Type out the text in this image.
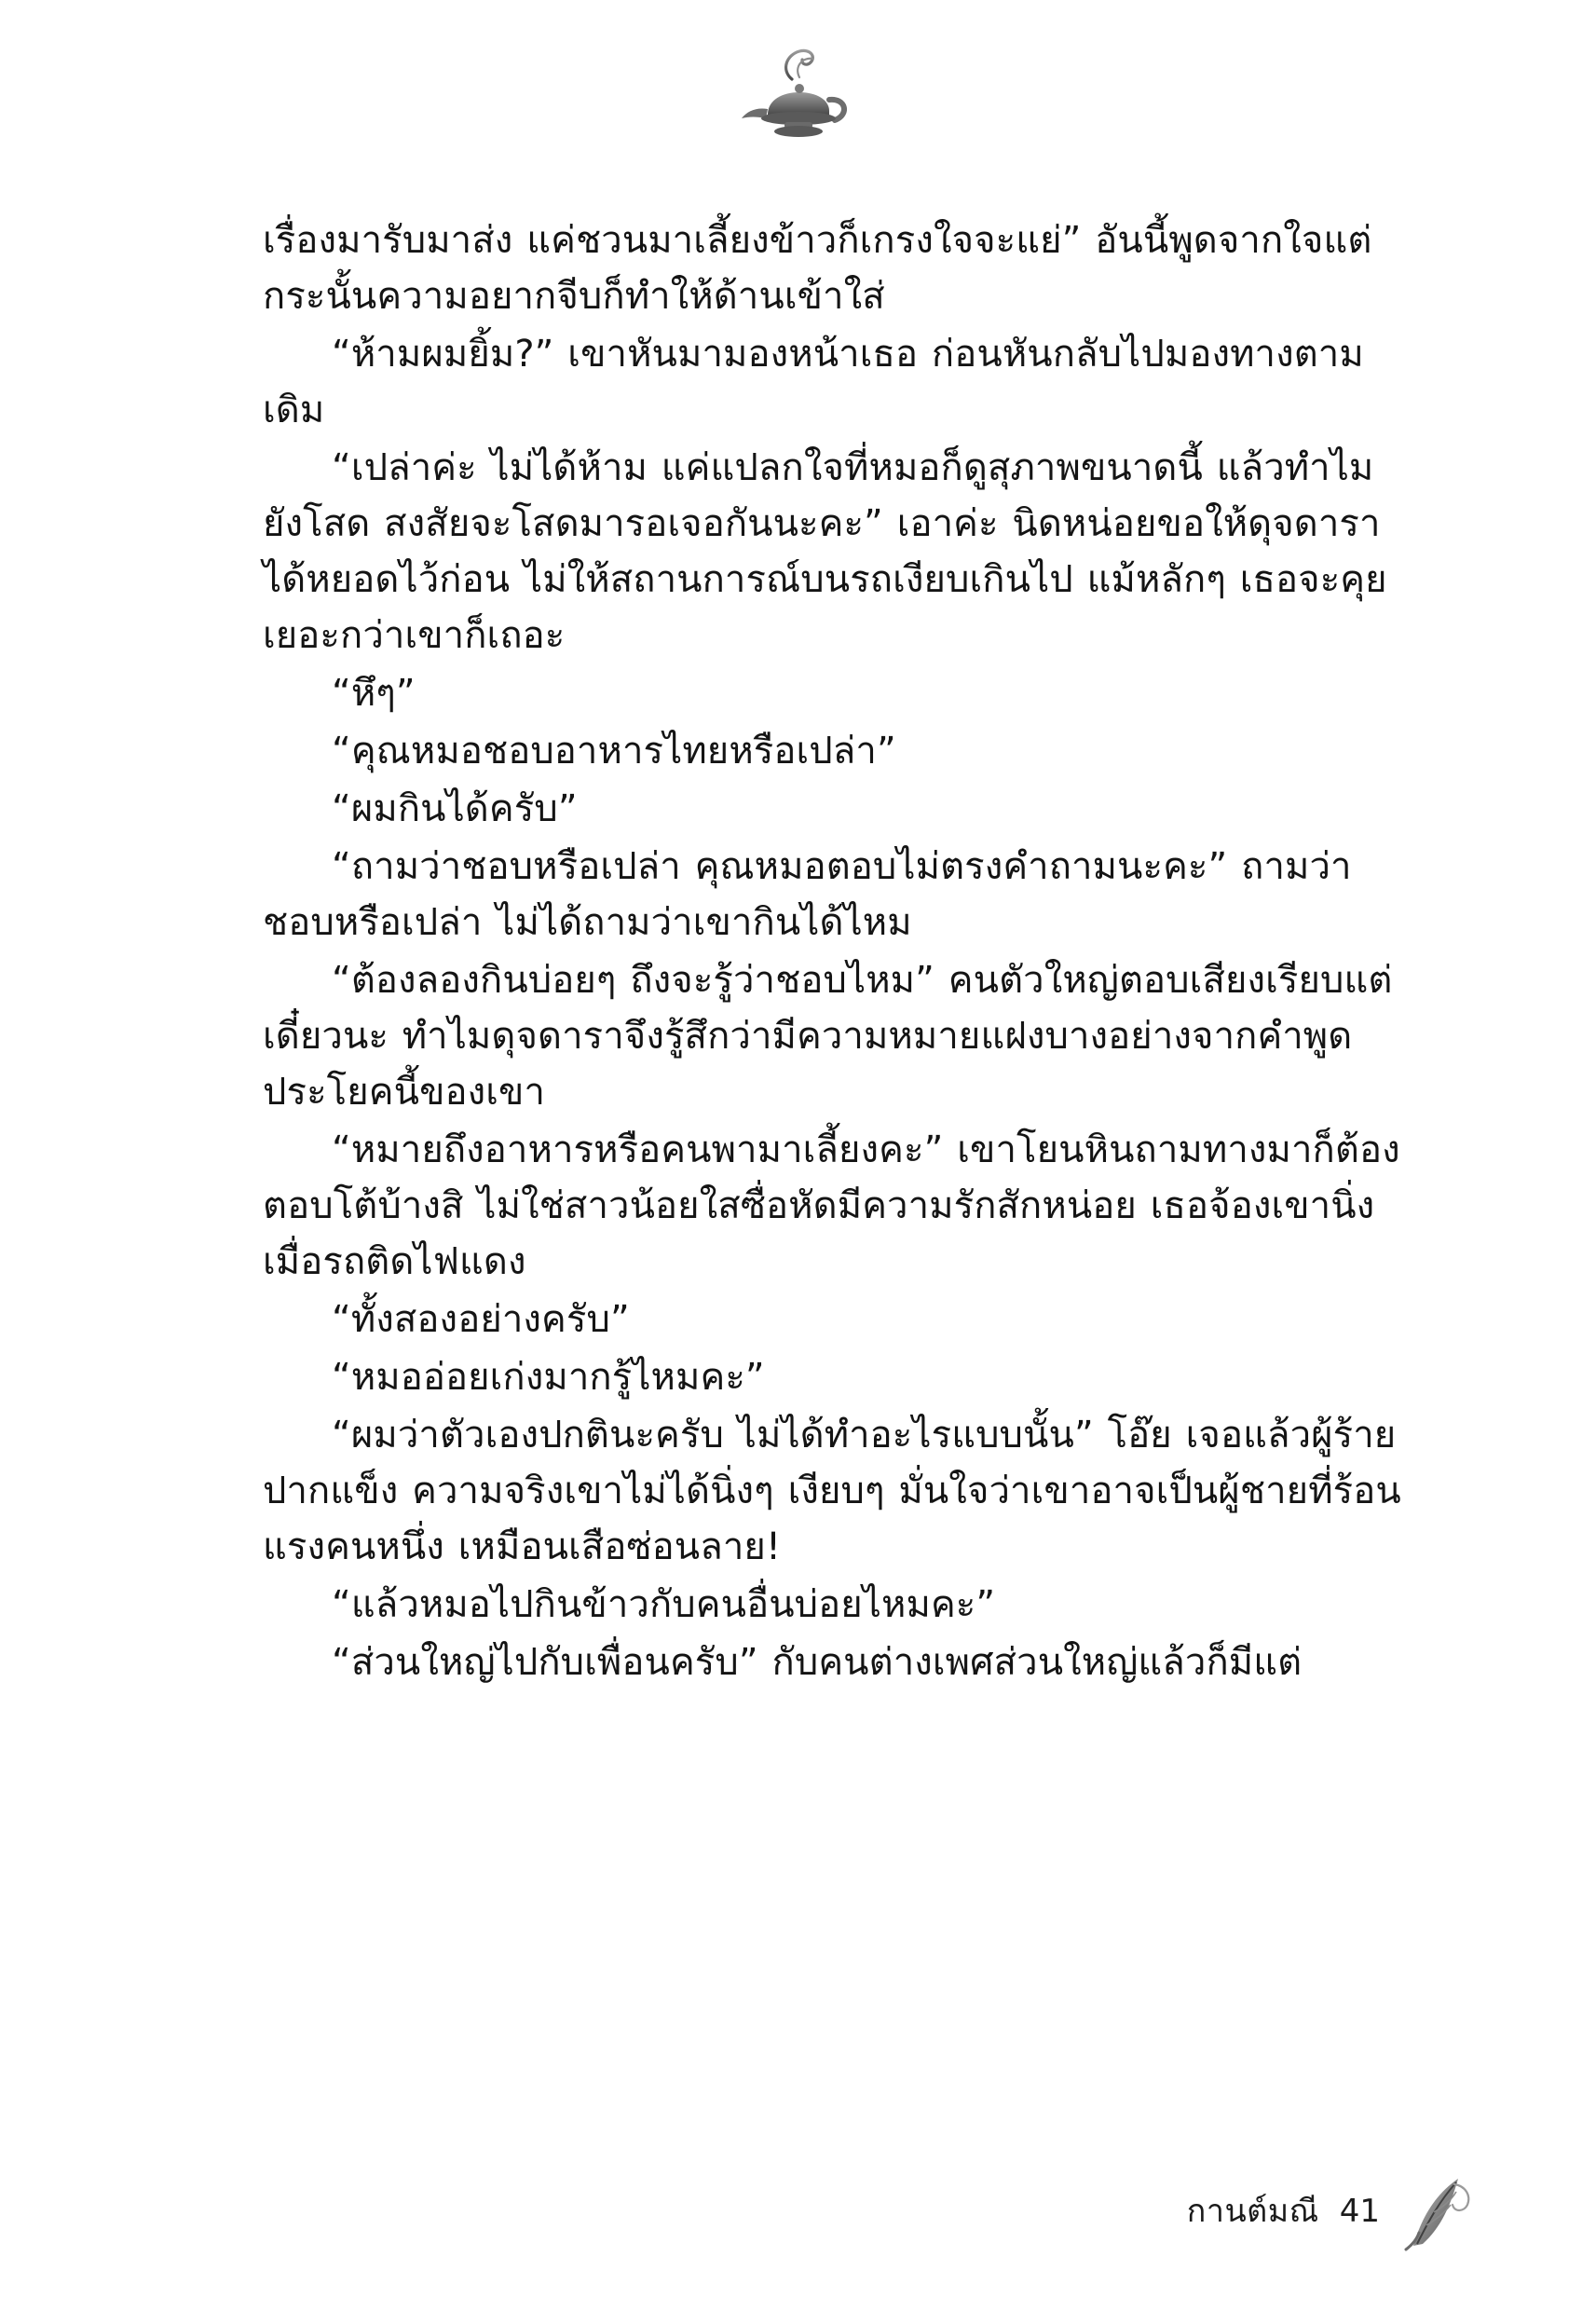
เรื่องมารับมาส่ง แค่ชวนมาเลี้ยงข้าวก็เกรงใจจะแย่” อันนี้พูดจากใจแต่กระนั้นความอยากจีบก็ทำให้ด้านเข้าใส่

“ห้ามผมยิ้ม?” เขาหันมามองหน้าเธอ ก่อนหันกลับไปมองทางตามเดิม

“เปล่าค่ะ ไม่ได้ห้าม แค่แปลกใจที่หมอก็ดูสุภาพขนาดนี้ แล้วทำไมยังโสด สงสัยจะโสดมารอเจอกันนะคะ” เอาค่ะ นิดหน่อยขอให้ดุจดาราได้หยอดไว้ก่อน ไม่ให้สถานการณ์บนรถเงียบเกินไป แม้หลักๆ เธอจะคุยเยอะกว่าเขาก็เถอะ

“หึๆ”

“คุณหมอชอบอาหารไทยหรือเปล่า”

“ผมกินได้ครับ”

“ถามว่าชอบหรือเปล่า คุณหมอตอบไม่ตรงคำถามนะคะ” ถามว่าชอบหรือเปล่า ไม่ได้ถามว่าเขากินได้ไหม

“ต้องลองกินบ่อยๆ ถึงจะรู้ว่าชอบไหม” คนตัวใหญ่ตอบเสียงเรียบแต่เดี๋ยวนะ ทำไมดุจดาราจึงรู้สึกว่ามีความหมายแฝงบางอย่างจากคำพูดประโยคนี้ของเขา

“หมายถึงอาหารหรือคนพามาเลี้ยงคะ” เขาโยนหินถามทางมาก็ต้องตอบโต้บ้างสิ ไม่ใช่สาวน้อยใสซื่อหัดมีความรักสักหน่อย เธอจ้องเขานิ่งเมื่อรถติดไฟแดง

“ทั้งสองอย่างครับ”

“หมออ่อยเก่งมากรู้ไหมคะ”

“ผมว่าตัวเองปกตินะครับ ไม่ได้ทำอะไรแบบนั้น” โอ๊ย เจอแล้วผู้ร้ายปากแข็ง ความจริงเขาไม่ได้นิ่งๆ เงียบๆ มั่นใจว่าเขาอาจเป็นผู้ชายที่ร้อนแรงคนหนึ่ง เหมือนเสือซ่อนลาย!

“แล้วหมอไปกินข้าวกับคนอื่นบ่อยไหมคะ”

“ส่วนใหญ่ไปกับเพื่อนครับ” กับคนต่างเพศส่วนใหญ่แล้วก็มีแต่

กานต์มณี 41
